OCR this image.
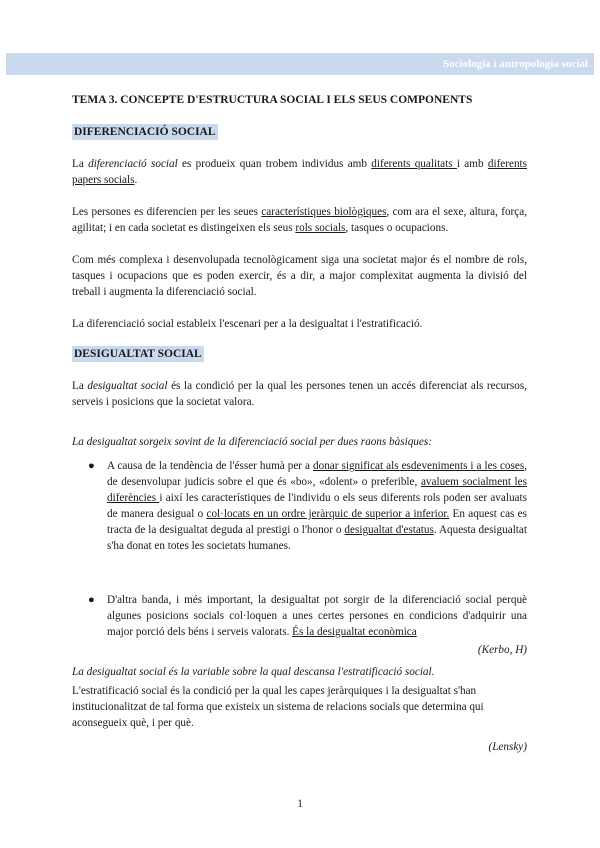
Sociologia i antropologia social

TEMA 3. CONCEPTE D'ESTRUCTURA SOCIAL I ELS SEUS COMPONENTS

DIFERENCIACIÓ SOCIAL

La diferenciació social es produeix quan trobem individus amb diferents qualitats i amb diferents papers socials.

Les persones es diferencien per les seues característiques biològiques, com ara el sexe, altura, força, agilitat; i en cada societat es distingeixen els seus rols socials, tasques o ocupacions.

Com més complexa i desenvolupada tecnològicament siga una societat major és el nombre de rols, tasques i ocupacions que es poden exercir, és a dir, a major complexitat augmenta la divisió del treball i augmenta la diferenciació social.

La diferenciació social estableix l'escenari per a la desigualtat i l'estratificació.

DESIGUALTAT SOCIAL

La desigualtat social és la condició per la qual les persones tenen un accés diferenciat als recursos, serveis i posicions que la societat valora.

La desigualtat sorgeix sovint de la diferenciació social per dues raons bàsiques:

● A causa de la tendència de l'ésser humà per a donar significat als esdeveniments i a les coses, de desenvolupar judicis sobre el que és «bo», «dolent» o preferible, avaluem socialment les diferències i així les característiques de l'individu o els seus diferents rols poden ser avaluats de manera desigual o col·locats en un ordre jeràrquic de superior a inferior. En aquest cas es tracta de la desigualtat deguda al prestigi o l'honor o desigualtat d'estatus. Aquesta desigualtat s'ha donat en totes les societats humanes.
● D'altra banda, i més important, la desigualtat pot sorgir de la diferenciació social perquè algunes posicions socials col·loquen a unes certes persones en condicions d'adquirir una major porció dels béns i serveis valorats. És la desigualtat econòmica

(Kerbo, H)

La desigualtat social és la variable sobre la qual descansa l'estratificació social.

L'estratificació social és la condició per la qual les capes jeràrquiques i la desigualtat s'han institucionalitzat de tal forma que existeix un sistema de relacions socials que determina qui aconsegueix què, i per què.

(Lensky)

1
